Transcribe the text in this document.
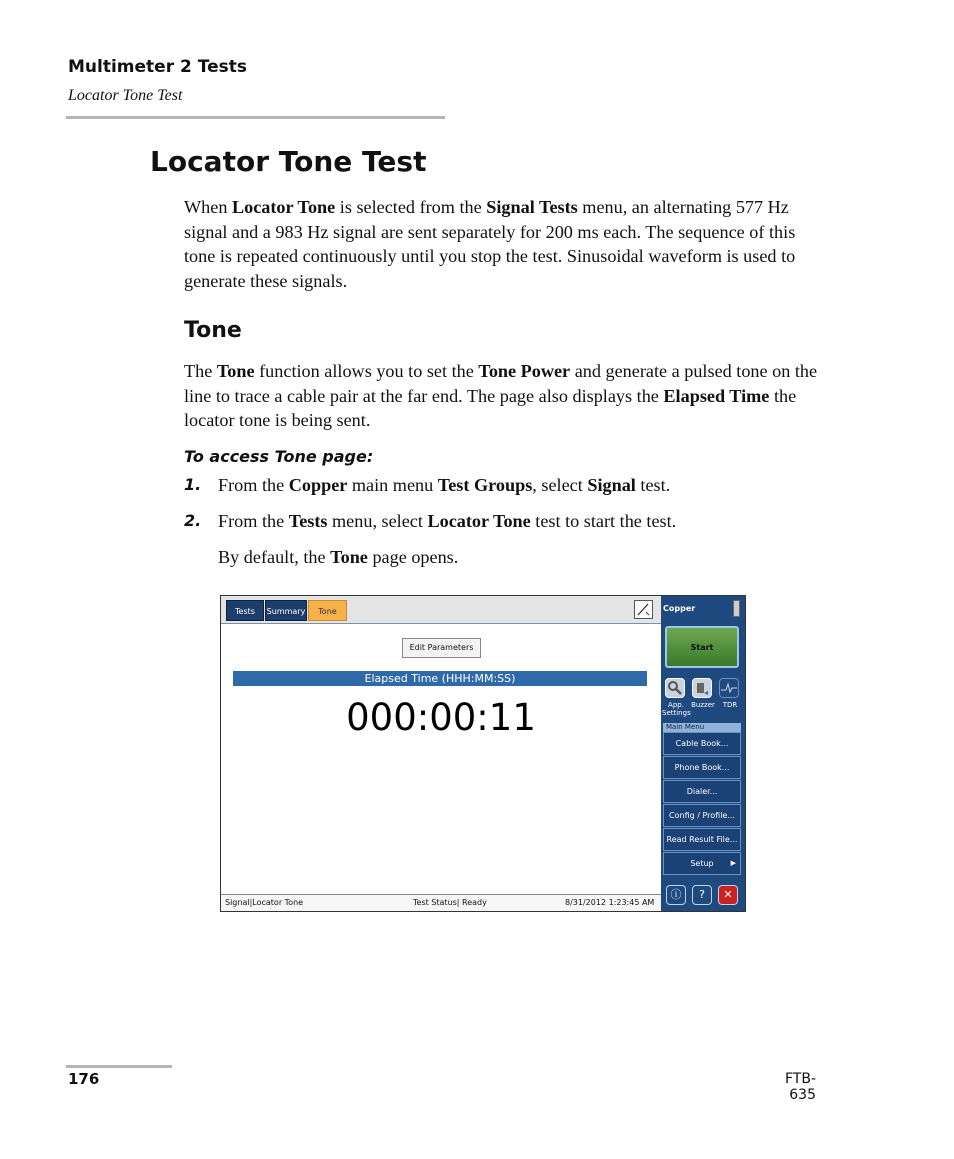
Multimeter 2 Tests
Locator Tone Test
Locator Tone Test

When Locator Tone is selected from the Signal Tests menu, an alternating 577 Hz signal and a 983 Hz signal are sent separately for 200 ms each. The sequence of this tone is repeated continuously until you stop the test. Sinusoidal waveform is used to generate these signals.

Tone

The Tone function allows you to set the Tone Power and generate a pulsed tone on the line to trace a cable pair at the far end. The page also displays the Elapsed Time the locator tone is being sent.

To access Tone page:
1. From the Copper main menu Test Groups, select Signal test.
2. From the Tests menu, select Locator Tone test to start the test.
By default, the Tone page opens.
Tests	Summary	Tone
Edit Parameters
Elapsed Time (HHH:MM:SS)
000:00:11
Signal|Locator Tone	Test Status| Ready	8/31/2012 1:23:45 AM
Copper
Start
App.
Settings
Buzzer	TDR
Main Menu
Cable Book...
Phone Book...
Dialer...
Config / Profile...
Read Result File...
Setup ▶
ⓘ	?	✕
176	FTB-635
